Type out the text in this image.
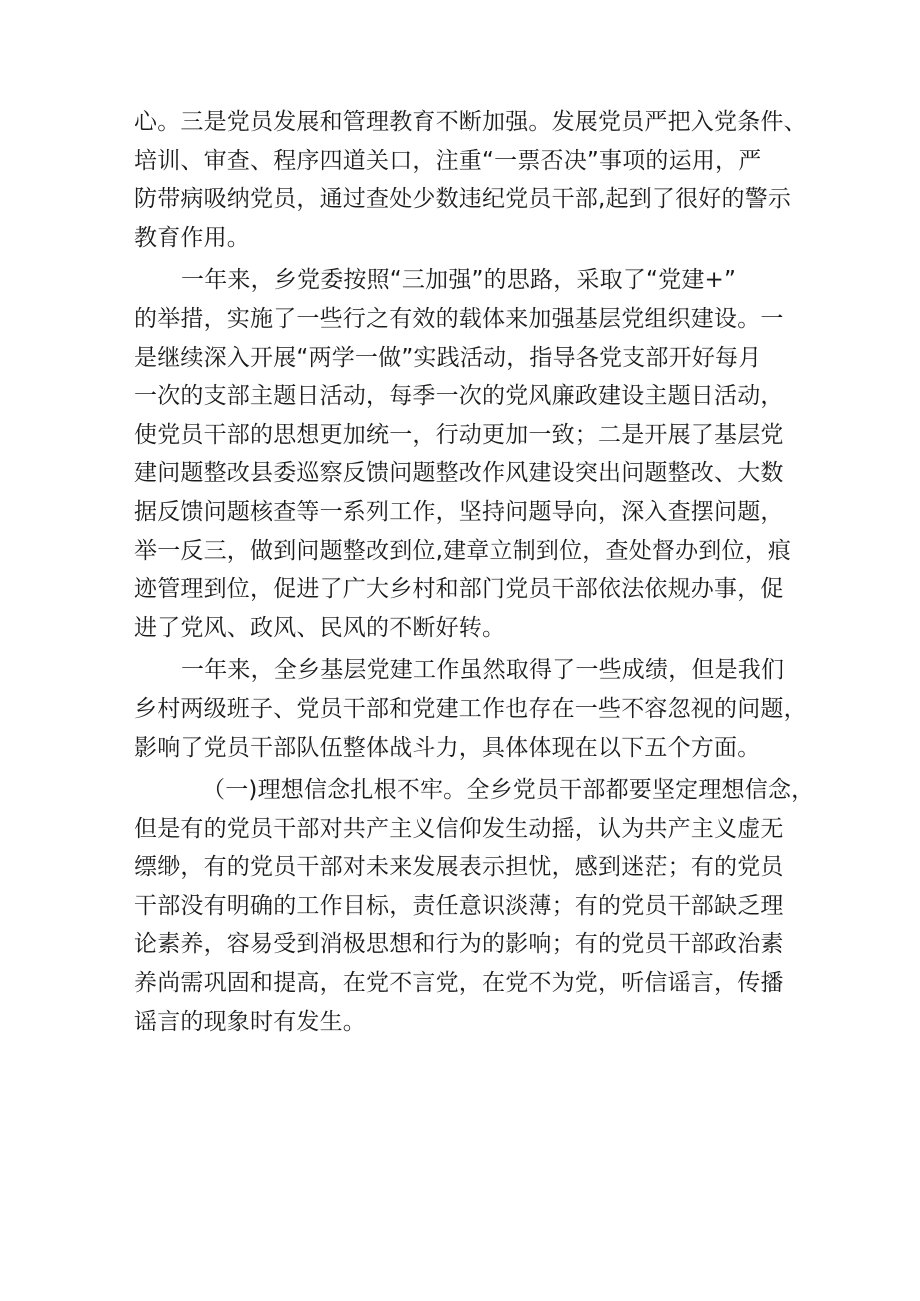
心。三是党员发展和管理教育不断加强。发展党员严把入党条件、
培训、审查、程序四道关口，注重“一票否决”事项的运用，严
防带病吸纳党员，通过查处少数违纪党员干部,起到了很好的警示
教育作用。
一年来，乡党委按照“三加强”的思路，采取了“党建+”
的举措，实施了一些行之有效的载体来加强基层党组织建设。一
是继续深入开展“两学一做”实践活动，指导各党支部开好每月
一次的支部主题日活动，每季一次的党风廉政建设主题日活动，
使党员干部的思想更加统一，行动更加一致；二是开展了基层党
建问题整改县委巡察反馈问题整改作风建设突出问题整改、大数
据反馈问题核查等一系列工作，坚持问题导向，深入查摆问题，
举一反三，做到问题整改到位,建章立制到位，查处督办到位，痕
迹管理到位，促进了广大乡村和部门党员干部依法依规办事，促
进了党风、政风、民风的不断好转。
一年来，全乡基层党建工作虽然取得了一些成绩，但是我们
乡村两级班子、党员干部和党建工作也存在一些不容忽视的问题，
影响了党员干部队伍整体战斗力，具体体现在以下五个方面。
（一)理想信念扎根不牢。全乡党员干部都要坚定理想信念，
但是有的党员干部对共产主义信仰发生动摇，认为共产主义虚无
缥缈，有的党员干部对未来发展表示担忧，感到迷茫；有的党员
干部没有明确的工作目标，责任意识淡薄；有的党员干部缺乏理
论素养，容易受到消极思想和行为的影响；有的党员干部政治素
养尚需巩固和提高，在党不言党，在党不为党，听信谣言，传播
谣言的现象时有发生。
